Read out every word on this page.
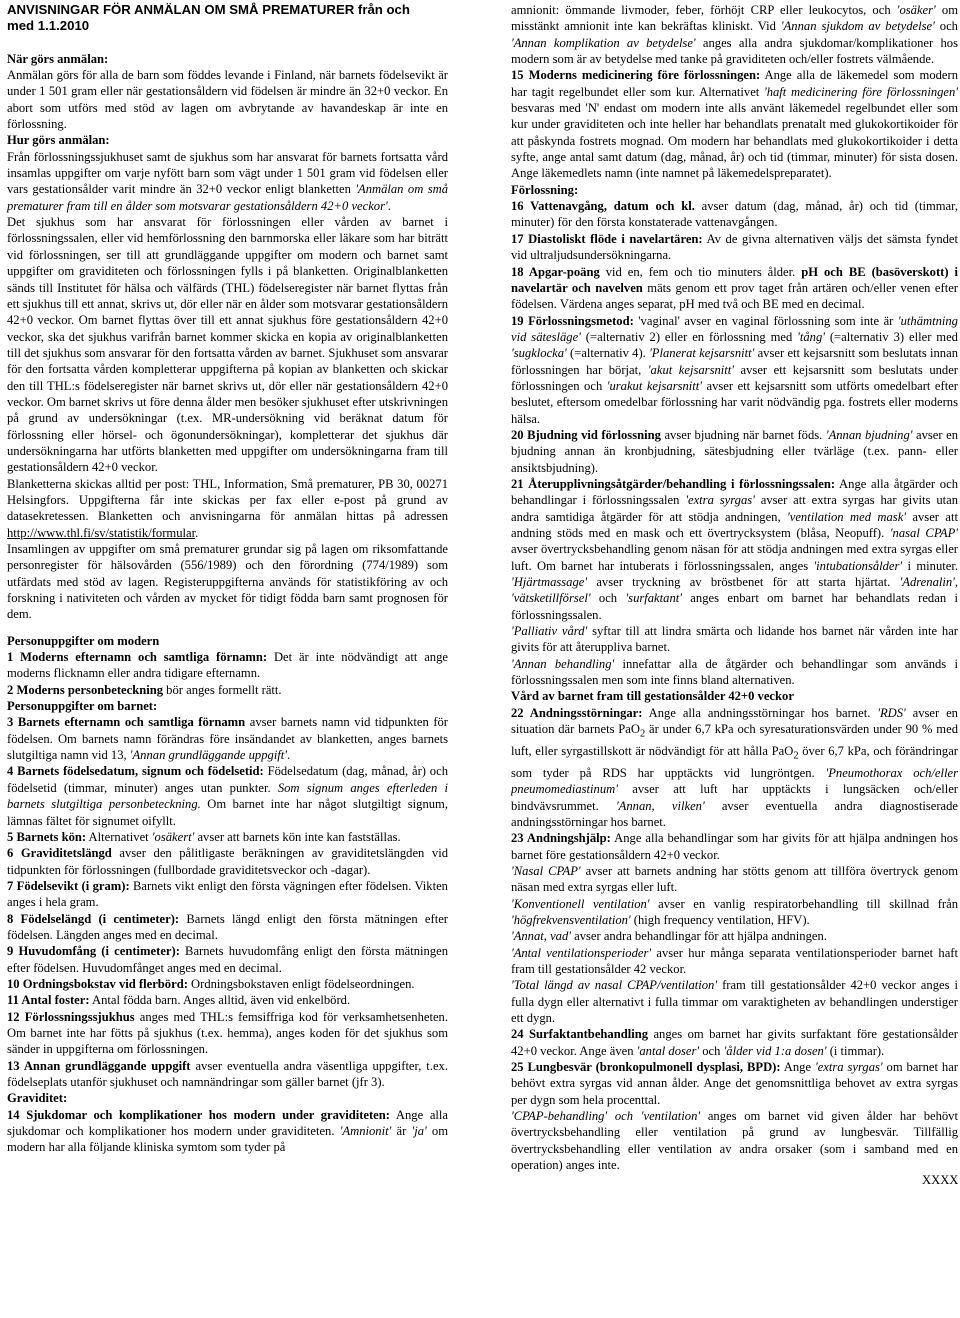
ANVISNINGAR FÖR ANMÄLAN OM SMÅ PREMATURER från och
med 1.1.2010

När görs anmälan:

Anmälan görs för alla de barn som föddes levande i Finland, när barnets födelsevikt är under 1 501 gram eller när gestationsåldern vid födelsen är mindre än 32+0 veckor. En abort som utförs med stöd av lagen om avbrytande av havandeskap är inte en förlossning.

Hur görs anmälan:

Från förlossningssjukhuset samt de sjukhus som har ansvarat för barnets fortsatta vård insamlas uppgifter om varje nyfött barn som vägt under 1 501 gram vid födelsen eller vars gestationsålder varit mindre än 32+0 veckor enligt blanketten 'Anmälan om små prematurer fram till en ålder som motsvarar gestationsåldern 42+0 veckor'.

Det sjukhus som har ansvarat för förlossningen eller vården av barnet i förlossningssalen, eller vid hemförlossning den barnmorska eller läkare som har biträtt vid förlossningen, ser till att grundläggande uppgifter om modern och barnet samt uppgifter om graviditeten och förlossningen fylls i på blanketten. Originalblanketten sänds till Institutet för hälsa och välfärds (THL) födelseregister när barnet flyttas från ett sjukhus till ett annat, skrivs ut, dör eller när en ålder som motsvarar gestationsåldern 42+0 veckor. Om barnet flyttas över till ett annat sjukhus före gestationsåldern 42+0 veckor, ska det sjukhus varifrån barnet kommer skicka en kopia av originalblanketten till det sjukhus som ansvarar för den fortsatta vården av barnet. Sjukhuset som ansvarar för den fortsatta vården kompletterar uppgifterna på kopian av blanketten och skickar den till THL:s födelseregister när barnet skrivs ut, dör eller när gestationsåldern 42+0 veckor. Om barnet skrivs ut före denna ålder men besöker sjukhuset efter utskrivningen på grund av undersökningar (t.ex. MR-undersökning vid beräknat datum för förlossning eller hörsel- och ögonundersökningar), kompletterar det sjukhus där undersökningarna har utförts blanketten med uppgifter om undersökningarna fram till gestationsåldern 42+0 veckor.

Blanketterna skickas alltid per post: THL, Information, Små prematurer, PB 30, 00271 Helsingfors. Uppgifterna får inte skickas per fax eller e-post på grund av datasekretessen. Blanketten och anvisningarna för anmälan hittas på adressen http://www.thl.fi/sv/statistik/formular.

Insamlingen av uppgifter om små prematurer grundar sig på lagen om riksomfattande personregister för hälsovården (556/1989) och den förordning (774/1989) som utfärdats med stöd av lagen. Registeruppgifterna används för statistikföring av och forskning i nativiteten och vården av mycket för tidigt födda barn samt prognosen för dem.

Personuppgifter om modern

1 Moderns efternamn och samtliga förnamn: Det är inte nödvändigt att ange moderns flicknamn eller andra tidigare efternamn.

2 Moderns personbeteckning bör anges formellt rätt.

Personuppgifter om barnet:

3 Barnets efternamn och samtliga förnamn avser barnets namn vid tidpunkten för födelsen. Om barnets namn förändras före insändandet av blanketten, anges barnets slutgiltiga namn vid 13, 'Annan grundläggande uppgift'.

4 Barnets födelsedatum, signum och födelsetid: Födelsedatum (dag, månad, år) och födelsetid (timmar, minuter) anges utan punkter. Som signum anges efterleden i barnets slutgiltiga personbeteckning. Om barnet inte har något slutgiltigt signum, lämnas fältet för signumet oifyllt.

5 Barnets kön: Alternativet 'osäkert' avser att barnets kön inte kan fastställas.

6 Graviditetslängd avser den pålitligaste beräkningen av graviditetslängden vid tidpunkten för förlossningen (fullbordade graviditetsveckor och -dagar).

7 Födelsevikt (i gram): Barnets vikt enligt den första vägningen efter födelsen. Vikten anges i hela gram.

8 Födelselängd (i centimeter): Barnets längd enligt den första mätningen efter födelsen. Längden anges med en decimal.

9 Huvudomfång (i centimeter): Barnets huvudomfång enligt den första mätningen efter födelsen. Huvudomfånget anges med en decimal.

10 Ordningsbokstav vid flerbörd: Ordningsbokstaven enligt födelseordningen.

11 Antal foster: Antal födda barn. Anges alltid, även vid enkelbörd.

12 Förlossningssjukhus anges med THL:s femsiffriga kod för verksamhetsenheten. Om barnet inte har fötts på sjukhus (t.ex. hemma), anges koden för det sjukhus som sänder in uppgifterna om förlossningen.

13 Annan grundläggande uppgift avser eventuella andra väsentliga uppgifter, t.ex. födelseplats utanför sjukhuset och namnändringar som gäller barnet (jfr 3).

Graviditet:

14 Sjukdomar och komplikationer hos modern under graviditeten: Ange alla sjukdomar och komplikationer hos modern under graviditeten. 'Amnionit' är 'ja' om modern har alla följande kliniska symtom som tyder på

amnionit: ömmande livmoder, feber, förhöjt CRP eller leukocytos, och 'osäker' om misstänkt amnionit inte kan bekräftas kliniskt. Vid 'Annan sjukdom av betydelse' och 'Annan komplikation av betydelse' anges alla andra sjukdomar/komplikationer hos modern som är av betydelse med tanke på graviditeten och/eller fostrets välmående.

15 Moderns medicinering före förlossningen: Ange alla de läkemedel som modern har tagit regelbundet eller som kur. Alternativet 'haft medicinering före förlossningen' besvaras med 'N' endast om modern inte alls använt läkemedel regelbundet eller som kur under graviditeten och inte heller har behandlats prenatalt med glukokortikoider för att påskynda fostrets mognad. Om modern har behandlats med glukokortikoider i detta syfte, ange antal samt datum (dag, månad, år) och tid (timmar, minuter) för sista dosen. Ange läkemedlets namn (inte namnet på läkemedelspreparatet).

Förlossning:

16 Vattenavgång, datum och kl. avser datum (dag, månad, år) och tid (timmar, minuter) för den första konstaterade vattenavgången.

17 Diastoliskt flöde i navelartären: Av de givna alternativen väljs det sämsta fyndet vid ultraljudsundersökningarna.

18 Apgar-poäng vid en, fem och tio minuters ålder. pH och BE (basöverskott) i navelartär och navelven mäts genom ett prov taget från artären och/eller venen efter födelsen. Värdena anges separat, pH med två och BE med en decimal.

19 Förlossningsmetod: 'vaginal' avser en vaginal förlossning som inte är 'uthämtning vid sätesläge' (=alternativ 2) eller en förlossning med 'tång' (=alternativ 3) eller med 'sugklocka' (=alternativ 4). 'Planerat kejsarsnitt' avser ett kejsarsnitt som beslutats innan förlossningen har börjat, 'akut kejsarsnitt' avser ett kejsarsnitt som beslutats under förlossningen och 'urakut kejsarsnitt' avser ett kejsarsnitt som utförts omedelbart efter beslutet, eftersom omedelbar förlossning har varit nödvändig pga. fostrets eller moderns hälsa.

20 Bjudning vid förlossning avser bjudning när barnet föds. 'Annan bjudning' avser en bjudning annan än kronbjudning, sätesbjudning eller tvärläge (t.ex. pann- eller ansiktsbjudning).

21 Återupplivningsåtgärder/behandling i förlossningssalen: Ange alla åtgärder och behandlingar i förlossningssalen 'extra syrgas' avser att extra syrgas har givits utan andra samtidiga åtgärder för att stödja andningen, 'ventilation med mask' avser att andning stöds med en mask och ett övertrycksystem (blåsa, Neopuff). 'nasal CPAP' avser övertrycksbehandling genom näsan för att stödja andningen med extra syrgas eller luft. Om barnet har intuberats i förlossningssalen, anges 'intubationsålder' i minuter. 'Hjärtmassage' avser tryckning av bröstbenet för att starta hjärtat. 'Adrenalin', 'vätsketillförsel' och 'surfaktant' anges enbart om barnet har behandlats redan i förlossningssalen.

'Palliativ vård' syftar till att lindra smärta och lidande hos barnet när vården inte har givits för att återuppliva barnet.

'Annan behandling' innefattar alla de åtgärder och behandlingar som används i förlossningssalen men som inte finns bland alternativen.

Vård av barnet fram till gestationsålder 42+0 veckor

22 Andningsstörningar: Ange alla andningsstörningar hos barnet. 'RDS' avser en situation där barnets PaO$_2$ är under 6,7 kPa och syresaturationsvärden under 90 % med luft, eller syrgastillskott är nödvändigt för att hålla PaO$_2$ över 6,7 kPa, och förändringar som tyder på RDS har upptäckts vid lungröntgen. 'Pneumothorax och/eller pneumomediastinum' avser att luft har upptäckts i lungsäcken och/eller bindvävsrummet. 'Annan, vilken' avser eventuella andra diagnostiserade andningsstörningar hos barnet.

23 Andningshjälp: Ange alla behandlingar som har givits för att hjälpa andningen hos barnet före gestationsåldern 42+0 veckor.

'Nasal CPAP' avser att barnets andning har stötts genom att tillföra övertryck genom näsan med extra syrgas eller luft.

'Konventionell ventilation' avser en vanlig respiratorbehandling till skillnad från 'högfrekvensventilation' (high frequency ventilation, HFV).

'Annat, vad' avser andra behandlingar för att hjälpa andningen.

'Antal ventilationsperioder' avser hur många separata ventilationsperioder barnet haft fram till gestationsålder 42 veckor.

'Total längd av nasal CPAP/ventilation' fram till gestationsålder 42+0 veckor anges i fulla dygn eller alternativt i fulla timmar om varaktigheten av behandlingen understiger ett dygn.

24 Surfaktantbehandling anges om barnet har givits surfaktant före gestationsålder 42+0 veckor. Ange även 'antal doser' och 'ålder vid 1:a dosen' (i timmar).

25 Lungbesvär (bronkopulmonell dysplasi, BPD): Ange 'extra syrgas' om barnet har behövt extra syrgas vid annan ålder. Ange det genomsnittliga behovet av extra syrgas per dygn som hela procenttal.

'CPAP-behandling' och 'ventilation' anges om barnet vid given ålder har behövt övertrycksbehandling eller ventilation på grund av lungbesvär. Tillfällig övertrycksbehandling eller ventilation av andra orsaker (som i samband med en operation) anges inte.

XXXX
